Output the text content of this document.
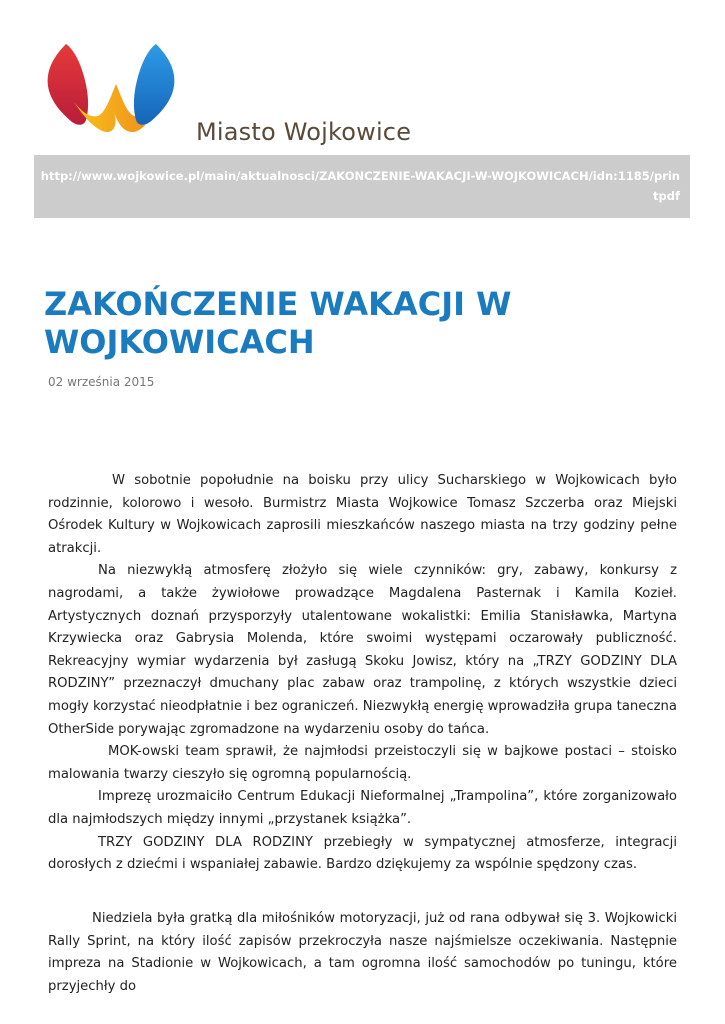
Miasto Wojkowice
http://www.wojkowice.pl/main/aktualnosci/ZAKONCZENIE-WAKACJI-W-WOJKOWICACH/idn:1185/printpdf
ZAKOŃCZENIE WAKACJI W WOJKOWICACH
02 września 2015

W sobotnie popołudnie na boisku przy ulicy Sucharskiego w Wojkowicach było rodzinnie, kolorowo i wesoło. Burmistrz Miasta Wojkowice Tomasz Szczerba oraz Miejski Ośrodek Kultury w Wojkowicach zaprosili mieszkańców naszego miasta na trzy godziny pełne atrakcji.

Na niezwykłą atmosferę złożyło się wiele czynników: gry, zabawy, konkursy z nagrodami, a także żywiołowe prowadzące Magdalena Pasternak i Kamila Kozieł. Artystycznych doznań przysporzyły utalentowane wokalistki: Emilia Stanisławka, Martyna Krzywiecka oraz Gabrysia Molenda, które swoimi występami oczarowały publiczność. Rekreacyjny wymiar wydarzenia był zasługą Skoku Jowisz, który na „TRZY GODZINY DLA RODZINY” przeznaczył dmuchany plac zabaw oraz trampolinę, z których wszystkie dzieci mogły korzystać nieodpłatnie i bez ograniczeń. Niezwykłą energię wprowadziła grupa taneczna OtherSide porywając zgromadzone na wydarzeniu osoby do tańca.

MOK-owski team sprawił, że najmłodsi przeistoczyli się w bajkowe postaci – stoisko malowania twarzy cieszyło się ogromną popularnością.

Imprezę urozmaiciło Centrum Edukacji Nieformalnej „Trampolina”, które zorganizowało dla najmłodszych między innymi „przystanek książka”.

TRZY GODZINY DLA RODZINY przebiegły w sympatycznej atmosferze, integracji dorosłych z dziećmi i wspaniałej zabawie. Bardzo dziękujemy za wspólnie spędzony czas.

Niedziela była gratką dla miłośników motoryzacji, już od rana odbywał się 3. Wojkowicki Rally Sprint, na który ilość zapisów przekroczyła nasze najśmielsze oczekiwania. Następnie impreza na Stadionie w Wojkowicach, a tam ogromna ilość samochodów po tuningu, które przyjechły do
